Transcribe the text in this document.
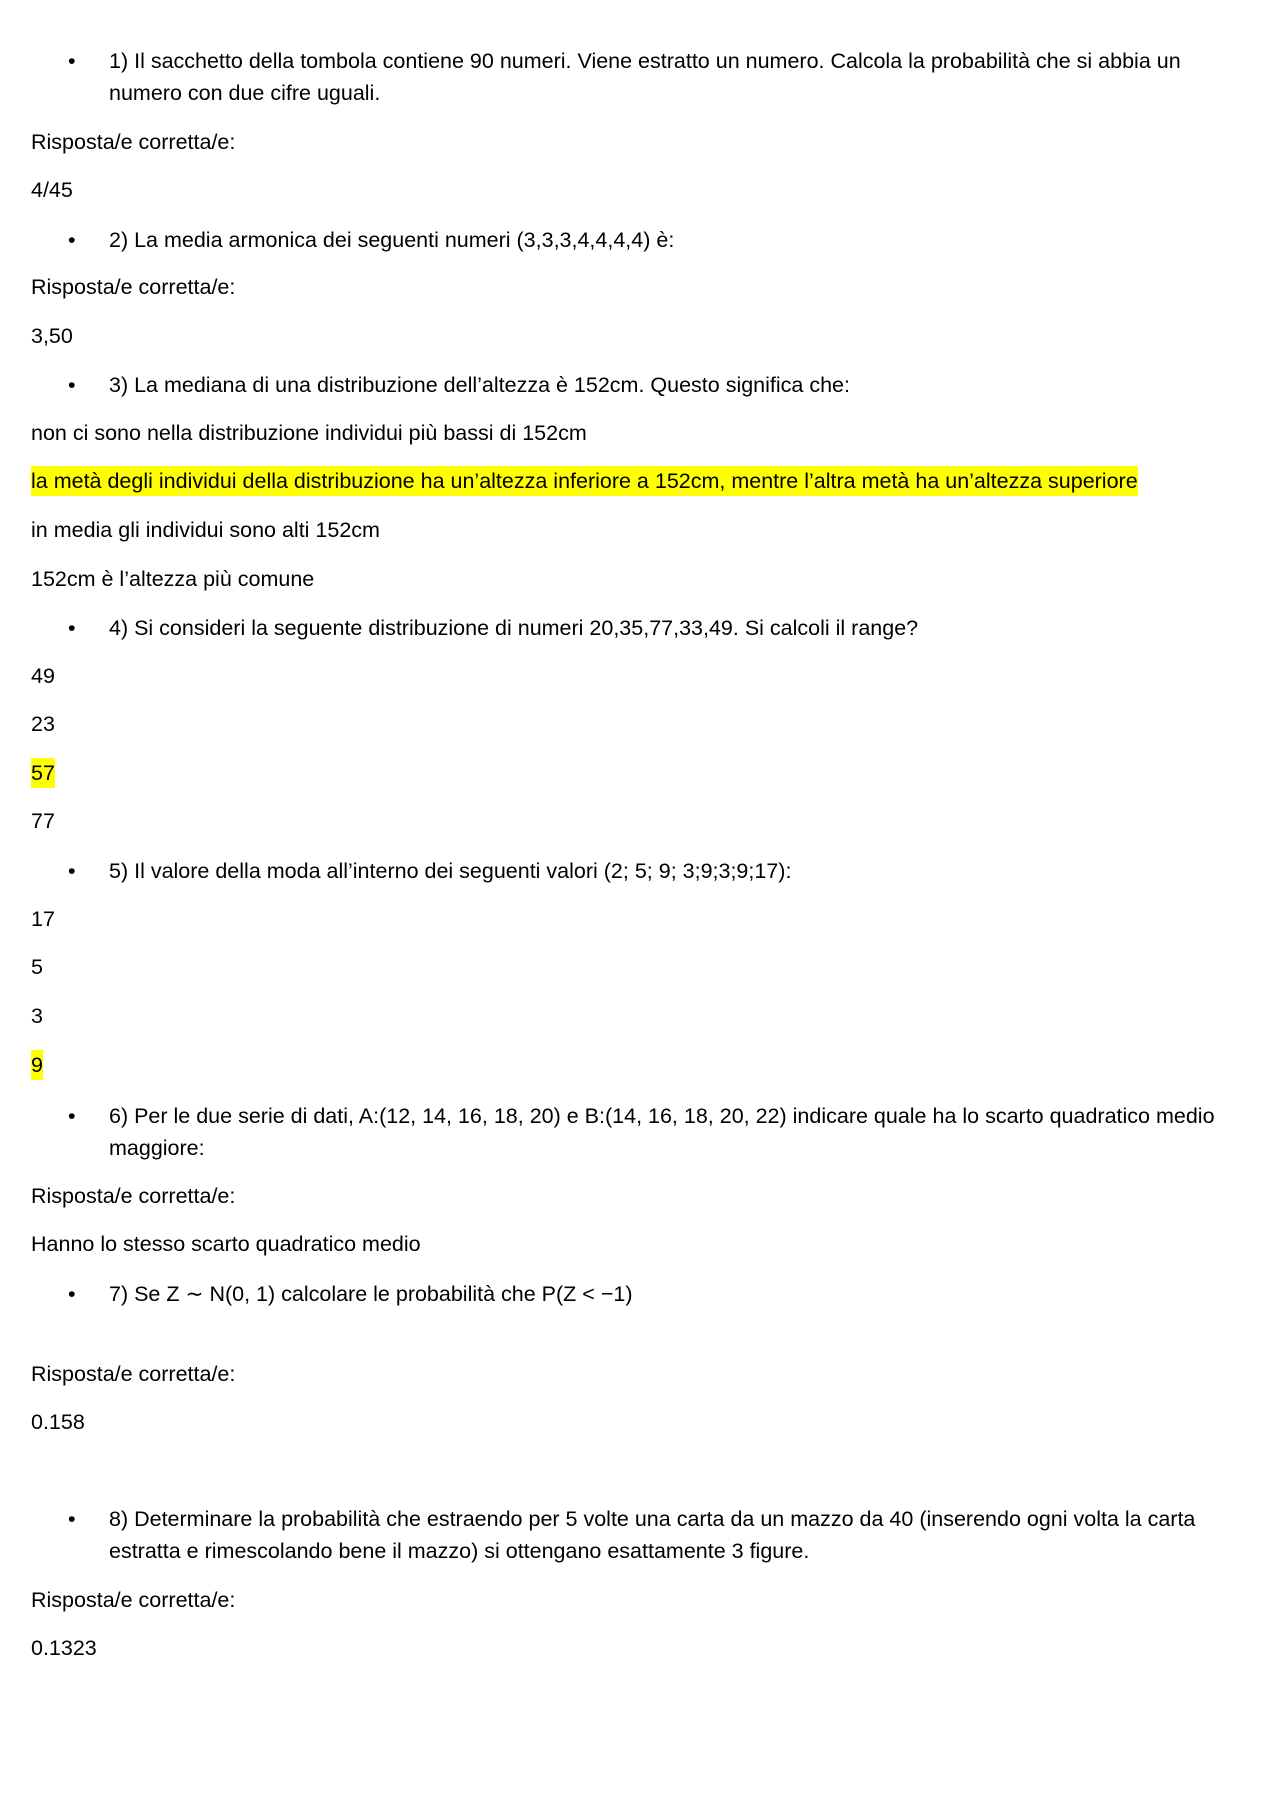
•	1) Il sacchetto della tombola contiene 90 numeri. Viene estratto un numero. Calcola la probabilità che si abbia un
numero con due cifre uguali.
Risposta/e corretta/e:
4/45
•	2) La media armonica dei seguenti numeri (3,3,3,4,4,4,4) è:
Risposta/e corretta/e:
3,50
•	3) La mediana di una distribuzione dell’altezza è 152cm. Questo significa che:
non ci sono nella distribuzione individui più bassi di 152cm
la metà degli individui della distribuzione ha un’altezza inferiore a 152cm, mentre l’altra metà ha un’altezza superiore
in media gli individui sono alti 152cm
152cm è l’altezza più comune
•	4) Si consideri la seguente distribuzione di numeri 20,35,77,33,49. Si calcoli il range?
49
23
57
77
•	5) Il valore della moda all’interno dei seguenti valori (2; 5; 9; 3;9;3;9;17):
17
5
3
9
•	6) Per le due serie di dati, A:(12, 14, 16, 18, 20) e B:(14, 16, 18, 20, 22) indicare quale ha lo scarto quadratico medio
maggiore:
Risposta/e corretta/e:
Hanno lo stesso scarto quadratico medio
•	7) Se Z ∼ N(0, 1) calcolare le probabilità che P(Z < −1)
Risposta/e corretta/e:
0.158
•	8) Determinare la probabilità che estraendo per 5 volte una carta da un mazzo da 40 (inserendo ogni volta la carta
estratta e rimescolando bene il mazzo) si ottengano esattamente 3 figure.
Risposta/e corretta/e:
0.1323
